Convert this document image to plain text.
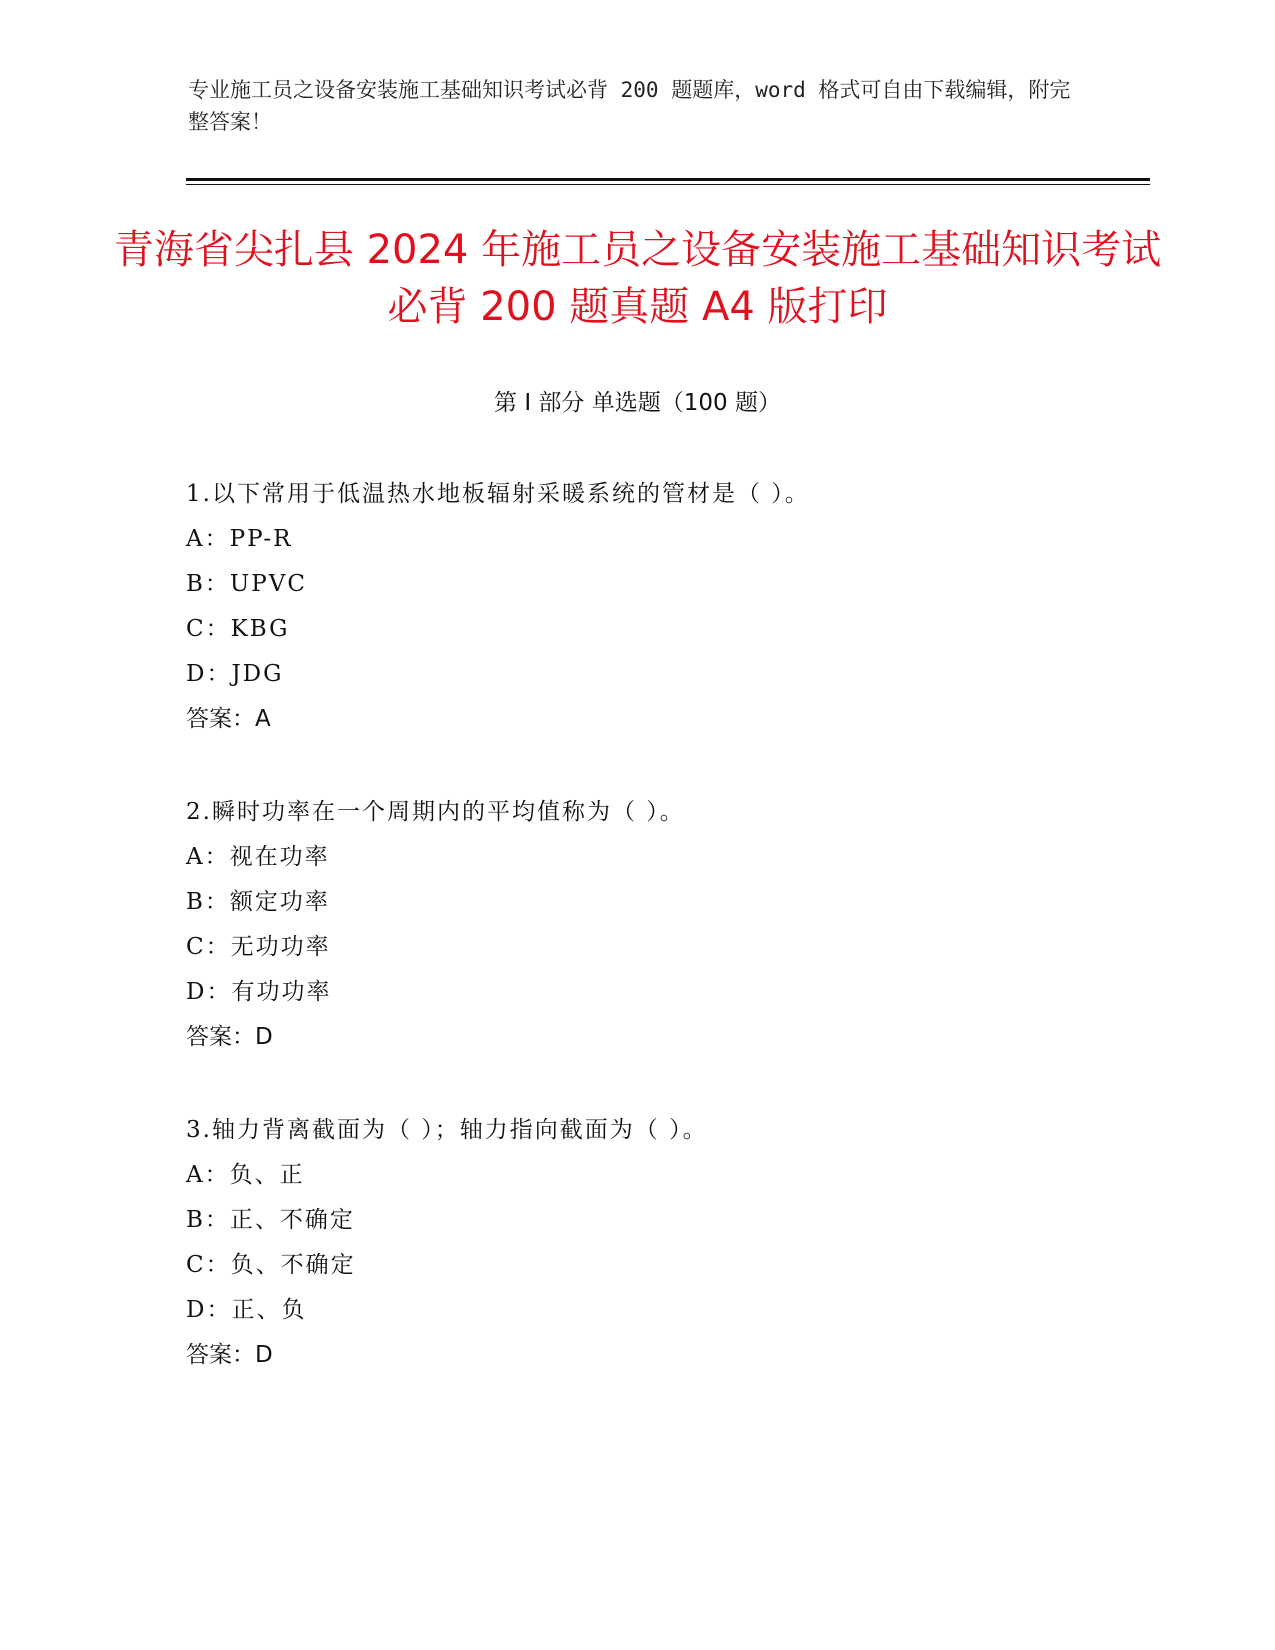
专业施工员之设备安装施工基础知识考试必背 200 题题库，word 格式可自由下载编辑，附完整答案！
青海省尖扎县 2024 年施工员之设备安装施工基础知识考试必背 200 题真题 A4 版打印
第 I 部分 单选题（100 题）
1.以下常用于低温热水地板辐射采暖系统的管材是（ ）。
A：PP-R
B：UPVC
C：KBG
D：JDG
答案：A
2.瞬时功率在一个周期内的平均值称为（ ）。
A：视在功率
B：额定功率
C：无功功率
D：有功功率
答案：D
3.轴力背离截面为（ ）；轴力指向截面为（ ）。
A：负、正
B：正、不确定
C：负、不确定
D：正、负
答案：D
